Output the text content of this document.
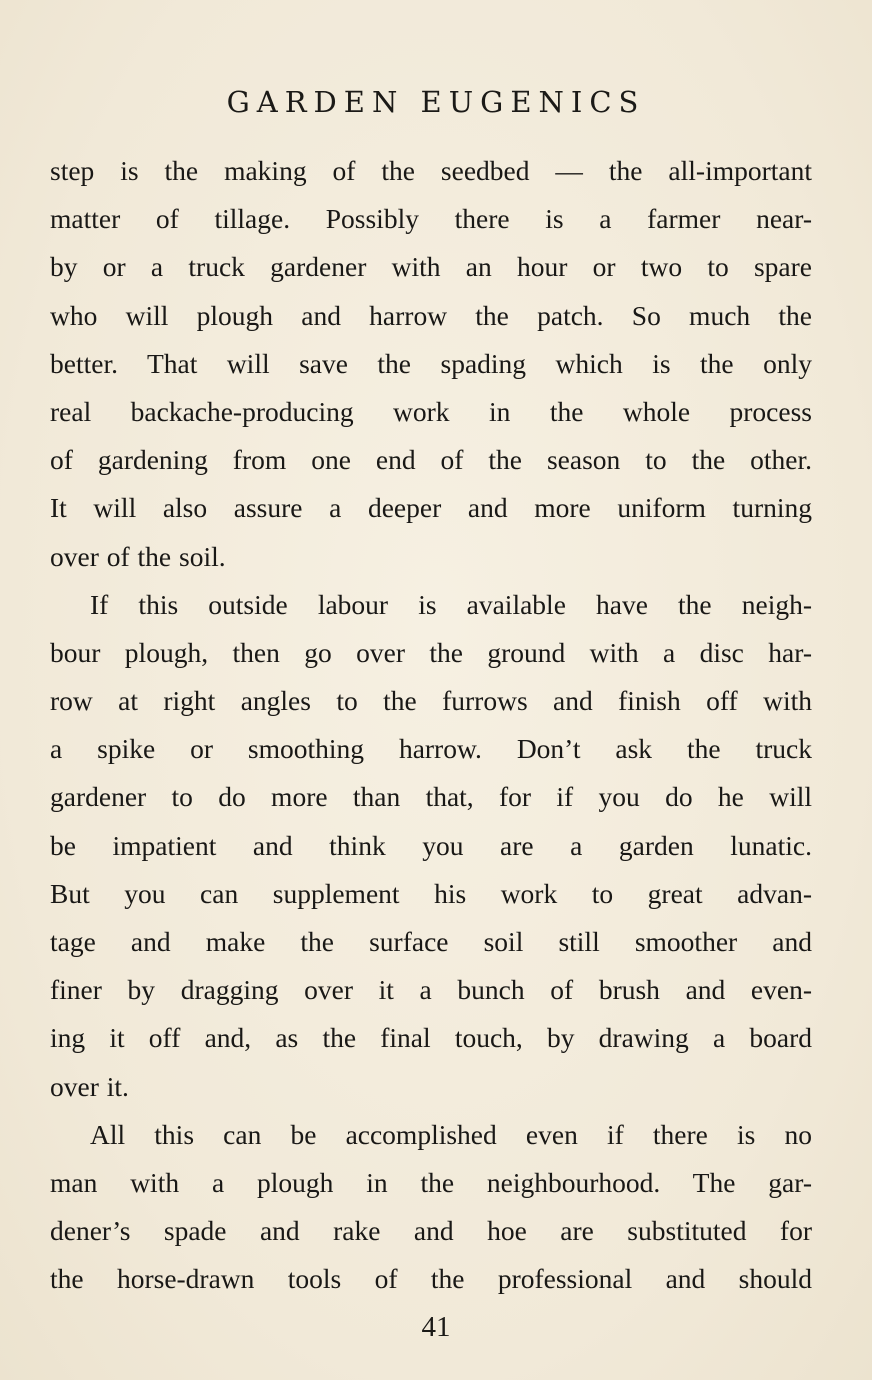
GARDEN EUGENICS
step is the making of the seedbed — the all-important
matter of tillage. Possibly there is a farmer near-
by or a truck gardener with an hour or two to spare
who will plough and harrow the patch. So much the
better. That will save the spading which is the only
real backache-producing work in the whole process
of gardening from one end of the season to the other.
It will also assure a deeper and more uniform turning
over of the soil.
If this outside labour is available have the neigh-
bour plough, then go over the ground with a disc har-
row at right angles to the furrows and finish off with
a spike or smoothing harrow. Don’t ask the truck
gardener to do more than that, for if you do he will
be impatient and think you are a garden lunatic.
But you can supplement his work to great advan-
tage and make the surface soil still smoother and
finer by dragging over it a bunch of brush and even-
ing it off and, as the final touch, by drawing a board
over it.
All this can be accomplished even if there is no
man with a plough in the neighbourhood. The gar-
dener’s spade and rake and hoe are substituted for
the horse-drawn tools of the professional and should
41
